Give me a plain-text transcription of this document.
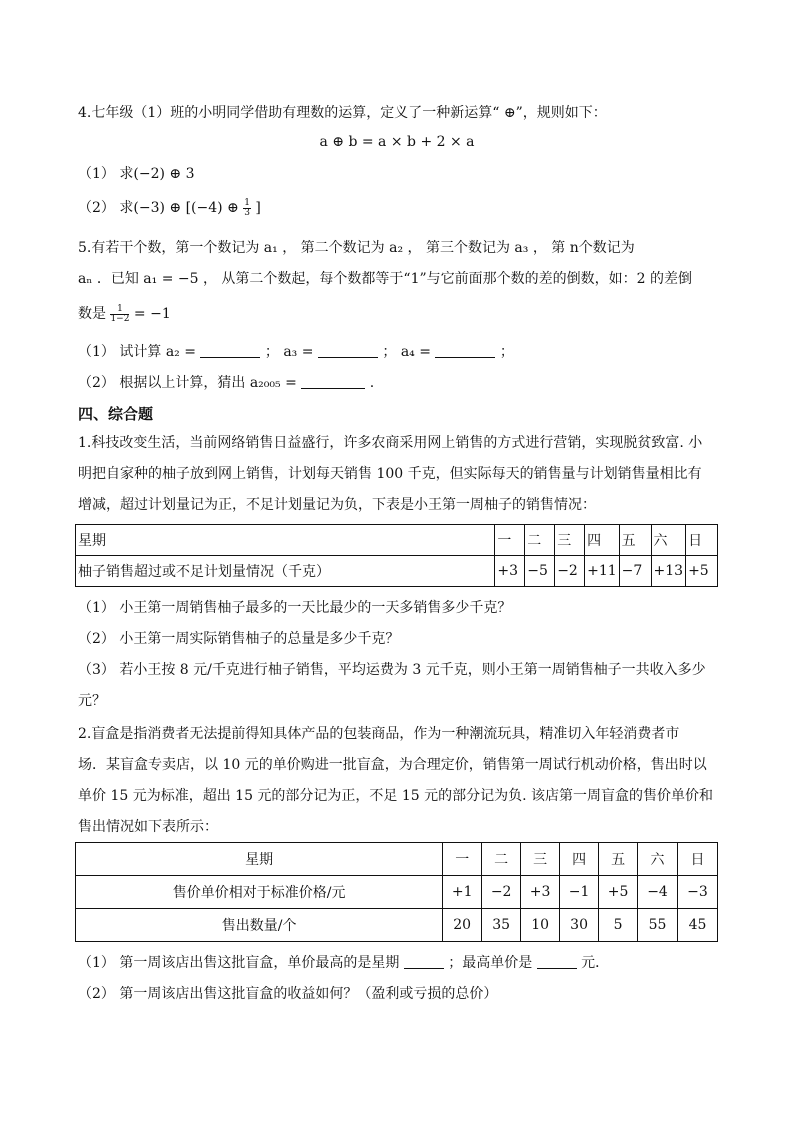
4.七年级（1）班的小明同学借助有理数的运算，定义了一种新运算“ ⊕”，规则如下：
a ⊕ b = a × b + 2 × a
（1） 求(−2) ⊕ 3
（2） 求(−3) ⊕ [(−4) ⊕ $\frac{1}{3}$ ]
5.有若干个数，第一个数记为 a₁ ， 第二个数记为 a₂ ， 第三个数记为 a₃ ， 第 n个数记为
aₙ ．已知 a₁ = −5 ， 从第二个数起，每个数都等于“1”与它前面那个数的差的倒数，如：2 的差倒
数是 $\frac{1}{1-2} = -1$
（1） 试计算 a₂ =	； a₃ =	； a₄ =	；
（2） 根据以上计算，猜出 a₂₀₀₅ =	.
四、综合题
1.科技改变生活，当前网络销售日益盛行，许多农商采用网上销售的方式进行营销，实现脱贫致富. 小
明把自家种的柚子放到网上销售，计划每天销售 100 千克，但实际每天的销售量与计划销售量相比有
增减，超过计划量记为正，不足计划量记为负，下表是小王第一周柚子的销售情况：
星期	一	二	三	四	五	六	日
柚子销售超过或不足计划量情况（千克）	+3	−5	−2	+11	−7	+13	+5
（1） 小王第一周销售柚子最多的一天比最少的一天多销售多少千克？
（2） 小王第一周实际销售柚子的总量是多少千克？
（3） 若小王按 8 元/千克进行柚子销售，平均运费为 3 元千克，则小王第一周销售柚子一共收入多少
元？
2.盲盒是指消费者无法提前得知具体产品的包装商品，作为一种潮流玩具，精准切入年轻消费者市
场．某盲盒专卖店，以 10 元的单价购进一批盲盒，为合理定价，销售第一周试行机动价格，售出时以
单价 15 元为标准，超出 15 元的部分记为正，不足 15 元的部分记为负. 该店第一周盲盒的售价单价和
售出情况如下表所示：
星期	一	二	三	四	五	六	日
售价单价相对于标准价格/元	+1	−2	+3	−1	+5	−4	−3
售出数量/个	20	35	10	30	5	55	45
（1） 第一周该店出售这批盲盒，单价最高的是星期	；最高单价是	元．
（2） 第一周该店出售这批盲盒的收益如何？（盈利或亏损的总价）
